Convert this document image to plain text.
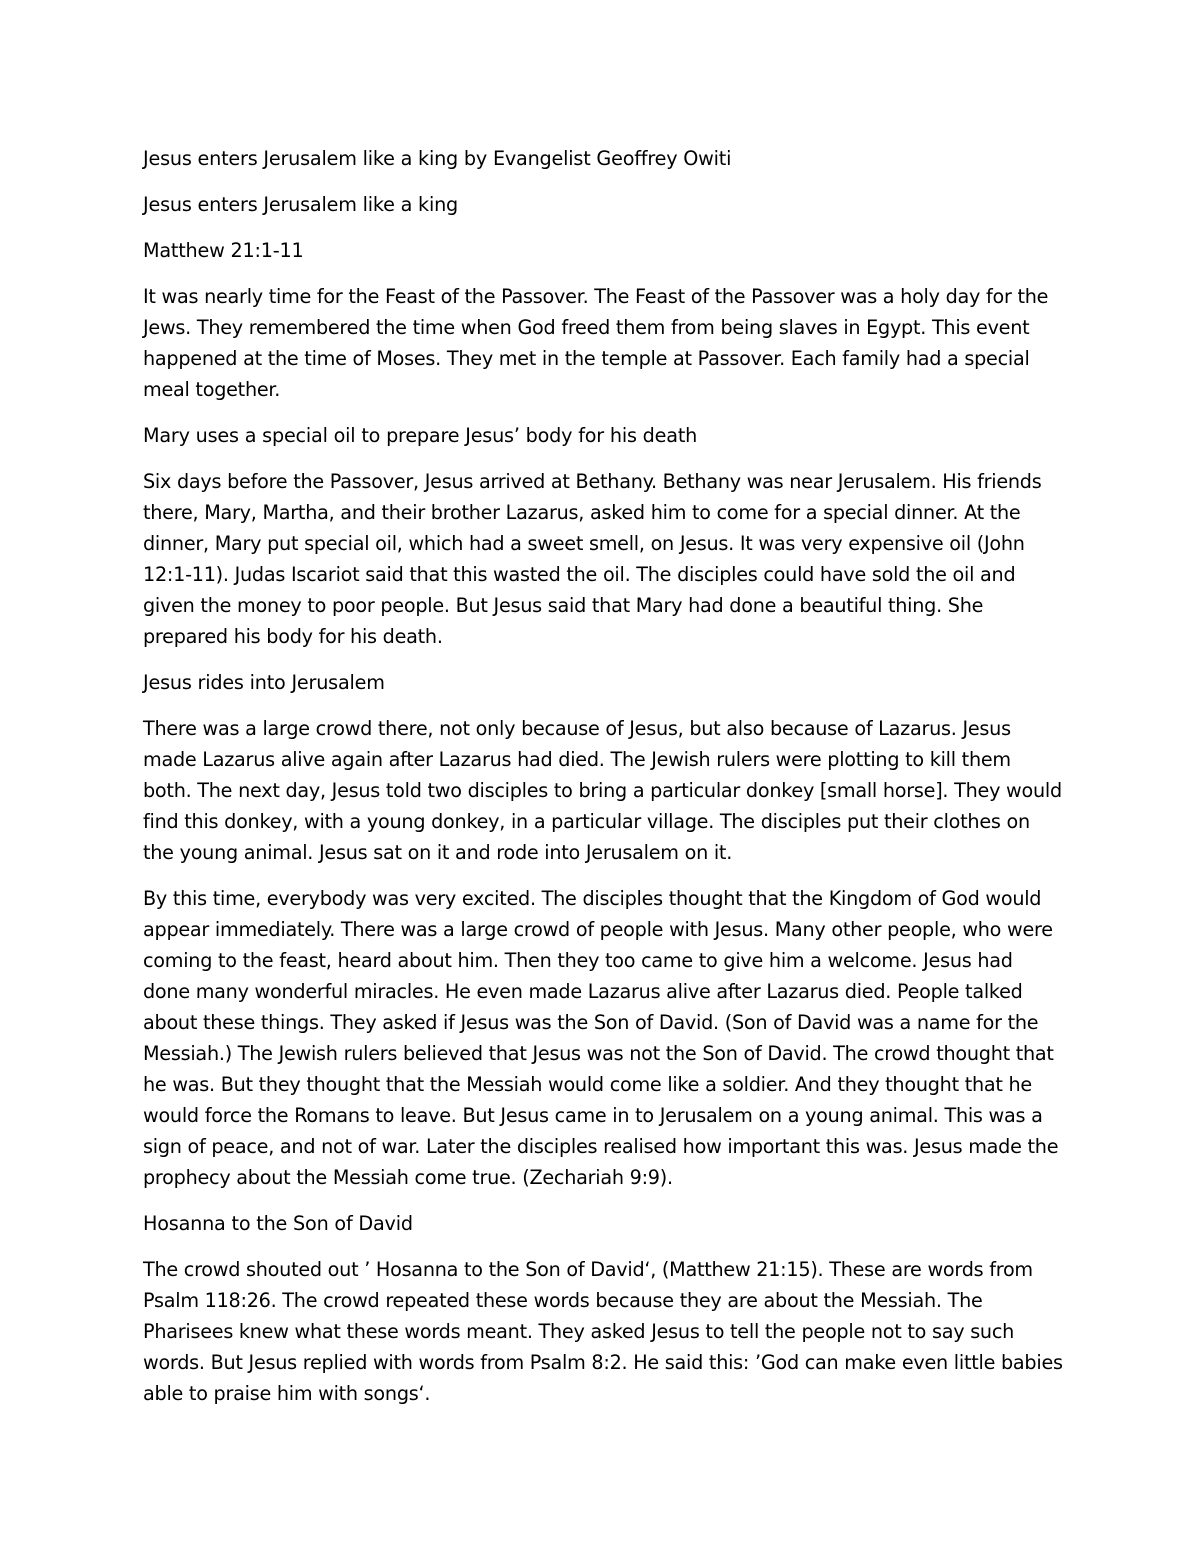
Jesus enters Jerusalem like a king by Evangelist Geoffrey Owiti

Jesus enters Jerusalem like a king

Matthew 21:1-11

It was nearly time for the Feast of the Passover. The Feast of the Passover was a holy day for the Jews. They remembered the time when God freed them from being slaves in Egypt. This event happened at the time of Moses. They met in the temple at Passover. Each family had a special meal together.

Mary uses a special oil to prepare Jesus’ body for his death

Six days before the Passover, Jesus arrived at Bethany. Bethany was near Jerusalem. His friends there, Mary, Martha, and their brother Lazarus, asked him to come for a special dinner. At the dinner, Mary put special oil, which had a sweet smell, on Jesus. It was very expensive oil (John 12:1-11). Judas Iscariot said that this wasted the oil. The disciples could have sold the oil and given the money to poor people. But Jesus said that Mary had done a beautiful thing. She prepared his body for his death.

Jesus rides into Jerusalem

There was a large crowd there, not only because of Jesus, but also because of Lazarus. Jesus made Lazarus alive again after Lazarus had died. The Jewish rulers were plotting to kill them both. The next day, Jesus told two disciples to bring a particular donkey [small horse]. They would find this donkey, with a young donkey, in a particular village. The disciples put their clothes on the young animal. Jesus sat on it and rode into Jerusalem on it.

By this time, everybody was very excited. The disciples thought that the Kingdom of God would appear immediately. There was a large crowd of people with Jesus. Many other people, who were coming to the feast, heard about him. Then they too came to give him a welcome. Jesus had done many wonderful miracles. He even made Lazarus alive after Lazarus died. People talked about these things. They asked if Jesus was the Son of David. (Son of David was a name for the Messiah.) The Jewish rulers believed that Jesus was not the Son of David. The crowd thought that he was. But they thought that the Messiah would come like a soldier. And they thought that he would force the Romans to leave. But Jesus came in to Jerusalem on a young animal. This was a sign of peace, and not of war. Later the disciples realised how important this was. Jesus made the prophecy about the Messiah come true. (Zechariah 9:9).

Hosanna to the Son of David

The crowd shouted out ’ Hosanna to the Son of David‘, (Matthew 21:15). These are words from Psalm 118:26. The crowd repeated these words because they are about the Messiah. The Pharisees knew what these words meant. They asked Jesus to tell the people not to say such words. But Jesus replied with words from Psalm 8:2. He said this: ’God can make even little babies able to praise him with songs‘.
